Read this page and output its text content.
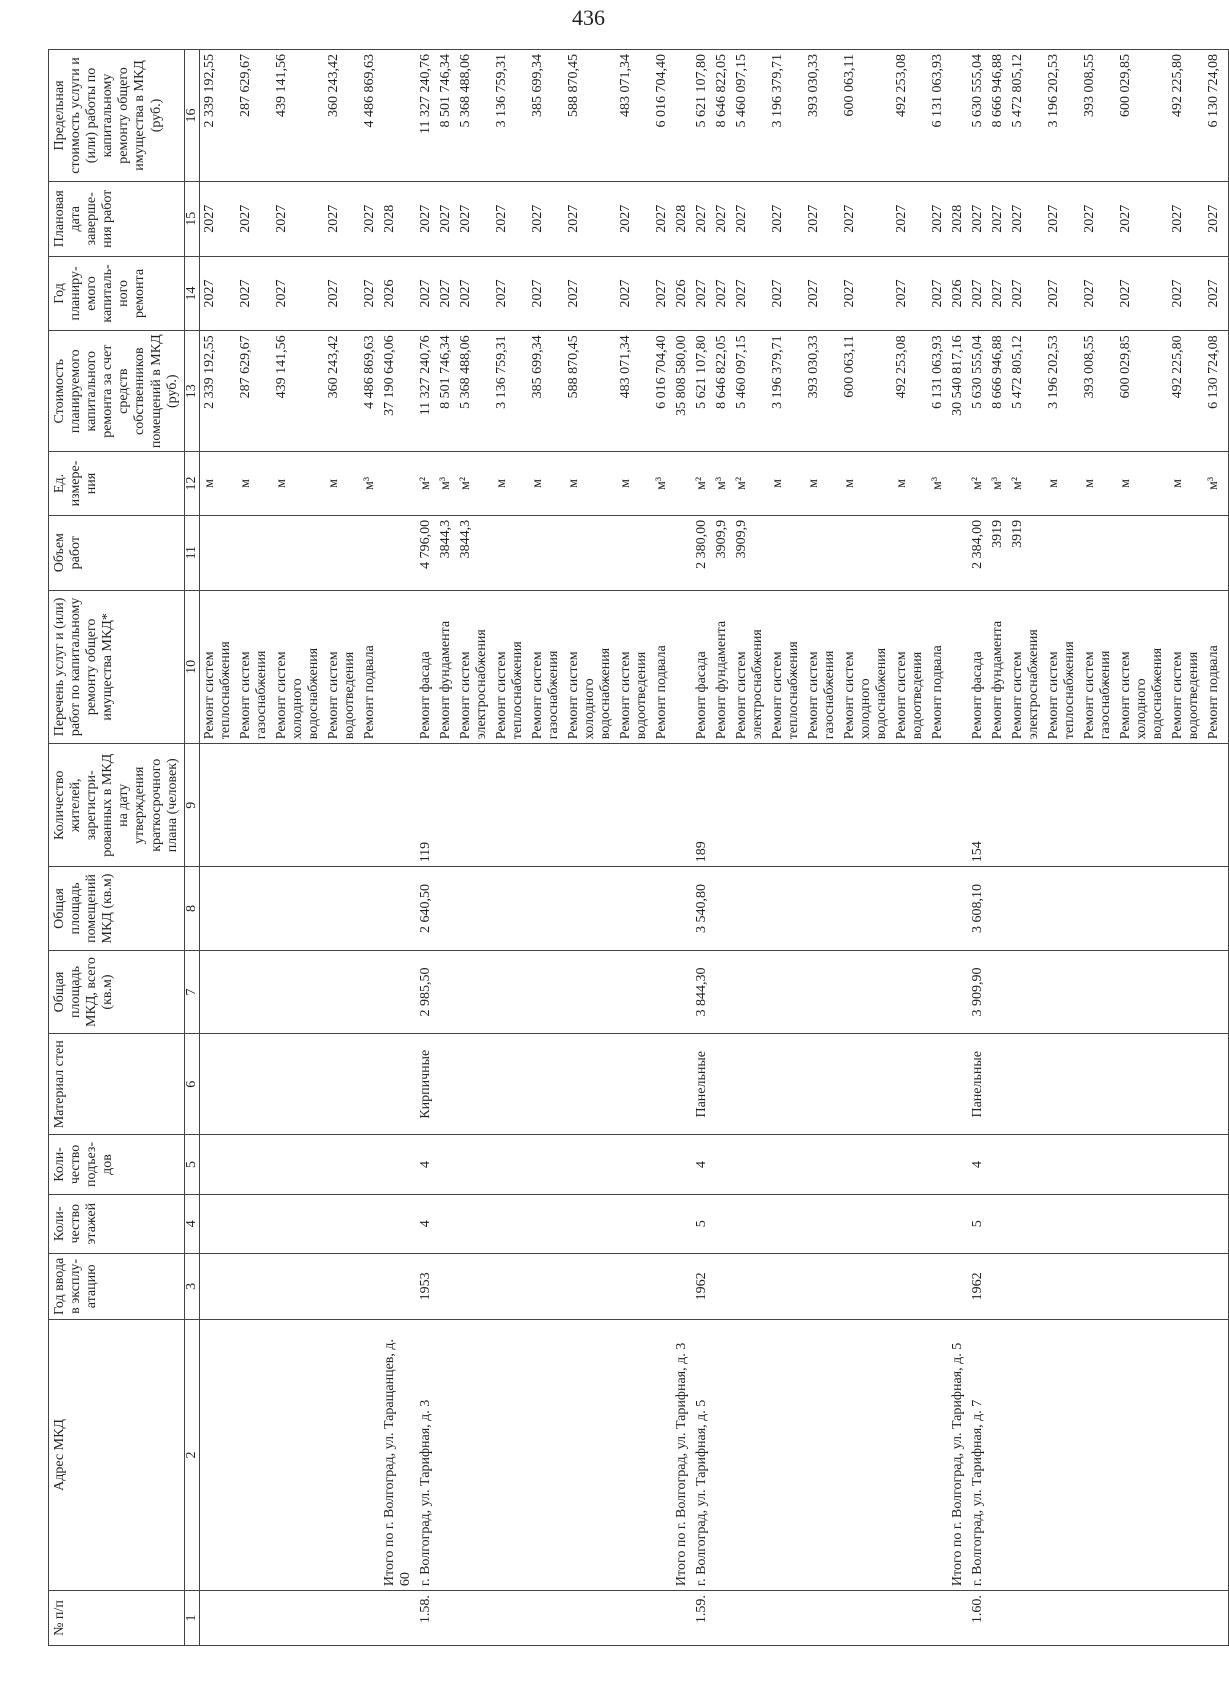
436
№ п/п	Адрес МКД	Год ввода в эксплу-атацию	Коли-чество этажей	Коли-чество подъез-дов	Материал стен	Общая площадь МКД, всего (кв.м)	Общая площадь помещений МКД (кв.м)	Количество жителей, зарегистри-рованных в МКД на дату утверждения краткосрочного плана (человек)	Перечень услуг и (или) работ по капитальному ремонту общего имущества МКД*	Объем работ	Ед. измере-ния	Стоимость планируемого капитального ремонта за счет средств собственников помещений в МКД (руб.)	Год планиру-емого капиталь-ного ремонта	Плановая дата заверше-ния работ	Предельная стоимость услуги и (или) работы по капитальному ремонту общего имущества в МКД (руб.)
1	2	3	4	5	6	7	8	9	10	11	12	13	14	15	16

									Ремонт систем теплоснабжения		м	2 339 192,55	2027	2027	2 339 192,55

									Ремонт систем газоснабжения		м	287 629,67	2027	2027	287 629,67

									Ремонт систем холодного водоснабжения		м	439 141,56	2027	2027	439 141,56

									Ремонт систем водоотведения		м	360 243,42	2027	2027	360 243,42

									Ремонт подвала		м³	4 486 869,63	2027	2027	4 486 869,63
	Итого по г. Волгоград, ул. Таращанцев, д. 60											37 190 640,06	2026	2028	
1.58.	г. Волгоград, ул. Тарифная, д. 3	1953	4	4	Кирпичные	2 985,50	2 640,50	119	Ремонт фасада	4 796,00	м²	11 327 240,76	2027	2027	11 327 240,76

									Ремонт фундамента	3844,3	м³	8 501 746,34	2027	2027	8 501 746,34

									Ремонт систем электроснабжения	3844,3	м²	5 368 488,06	2027	2027	5 368 488,06

									Ремонт систем теплоснабжения		м	3 136 759,31	2027	2027	3 136 759,31

									Ремонт систем газоснабжения		м	385 699,34	2027	2027	385 699,34

									Ремонт систем холодного водоснабжения		м	588 870,45	2027	2027	588 870,45

									Ремонт систем водоотведения		м	483 071,34	2027	2027	483 071,34

									Ремонт подвала		м³	6 016 704,40	2027	2027	6 016 704,40
	Итого по г. Волгоград, ул. Тарифная, д. 3											35 808 580,00	2026	2028	
1.59.	г. Волгоград, ул. Тарифная, д. 5	1962	5	4	Панельные	3 844,30	3 540,80	189	Ремонт фасада	2 380,00	м²	5 621 107,80	2027	2027	5 621 107,80

									Ремонт фундамента	3909,9	м³	8 646 822,05	2027	2027	8 646 822,05

									Ремонт систем электроснабжения	3909,9	м²	5 460 097,15	2027	2027	5 460 097,15

									Ремонт систем теплоснабжения		м	3 196 379,71	2027	2027	3 196 379,71

									Ремонт систем газоснабжения		м	393 030,33	2027	2027	393 030,33

									Ремонт систем холодного водоснабжения		м	600 063,11	2027	2027	600 063,11

									Ремонт систем водоотведения		м	492 253,08	2027	2027	492 253,08

									Ремонт подвала		м³	6 131 063,93	2027	2027	6 131 063,93
	Итого по г. Волгоград, ул. Тарифная, д. 5											30 540 817,16	2026	2028	
1.60.	г. Волгоград, ул. Тарифная, д. 7	1962	5	4	Панельные	3 909,90	3 608,10	154	Ремонт фасада	2 384,00	м²	5 630 555,04	2027	2027	5 630 555,04

									Ремонт фундамента	3919	м³	8 666 946,88	2027	2027	8 666 946,88

									Ремонт систем электроснабжения	3919	м²	5 472 805,12	2027	2027	5 472 805,12

									Ремонт систем теплоснабжения		м	3 196 202,53	2027	2027	3 196 202,53

									Ремонт систем газоснабжения		м	393 008,55	2027	2027	393 008,55

									Ремонт систем холодного водоснабжения		м	600 029,85	2027	2027	600 029,85

									Ремонт систем водоотведения		м	492 225,80	2027	2027	492 225,80

									Ремонт подвала		м³	6 130 724,08	2027	2027	6 130 724,08
